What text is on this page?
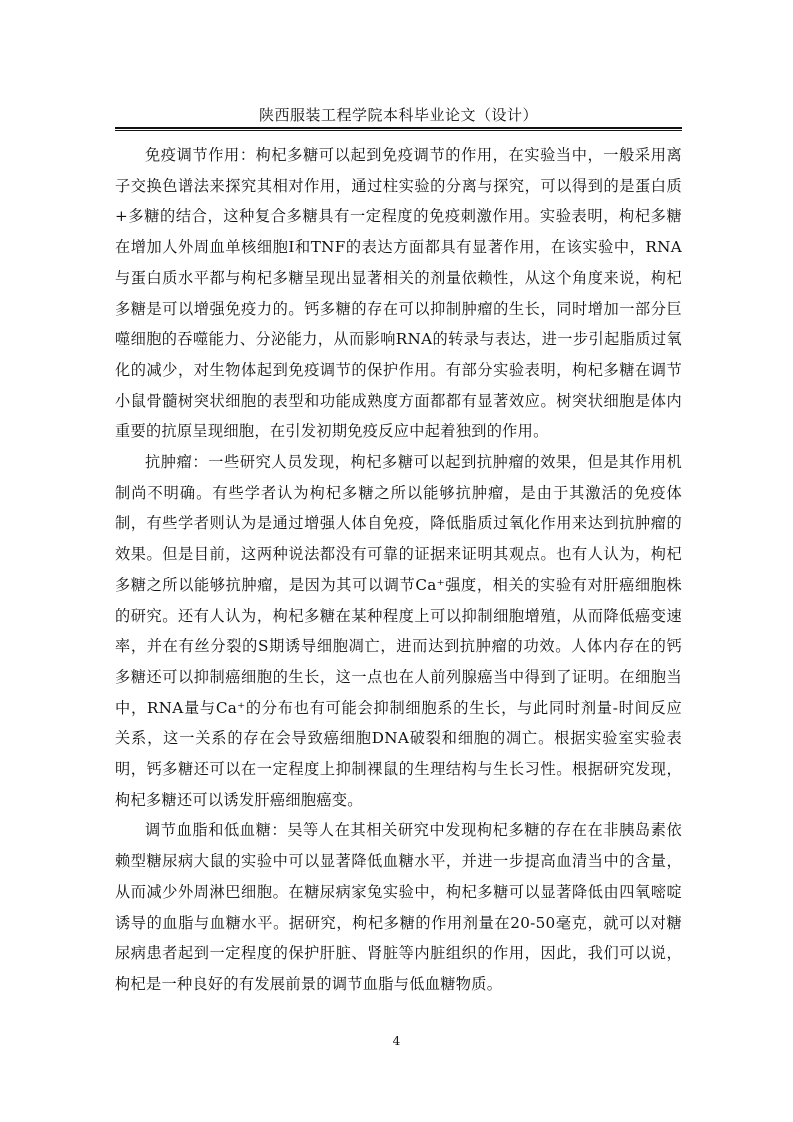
陕西服装工程学院本科毕业论文（设计）

免疫调节作用：枸杞多糖可以起到免疫调节的作用，在实验当中，一般采用离子交换色谱法来探究其相对作用，通过柱实验的分离与探究，可以得到的是蛋白质+多糖的结合，这种复合多糖具有一定程度的免疫刺激作用。实验表明，枸杞多糖在增加人外周血单核细胞Ⅰ和TNF的表达方面都具有显著作用，在该实验中，RNA与蛋白质水平都与枸杞多糖呈现出显著相关的剂量依赖性，从这个角度来说，枸杞多糖是可以增强免疫力的。钙多糖的存在可以抑制肿瘤的生长，同时增加一部分巨噬细胞的吞噬能力、分泌能力，从而影响RNA的转录与表达，进一步引起脂质过氧化的减少，对生物体起到免疫调节的保护作用。有部分实验表明，枸杞多糖在调节小鼠骨髓树突状细胞的表型和功能成熟度方面都都有显著效应。树突状细胞是体内重要的抗原呈现细胞，在引发初期免疫反应中起着独到的作用。

抗肿瘤：一些研究人员发现，枸杞多糖可以起到抗肿瘤的效果，但是其作用机制尚不明确。有些学者认为枸杞多糖之所以能够抗肿瘤，是由于其激活的免疫体制，有些学者则认为是通过增强人体自免疫，降低脂质过氧化作用来达到抗肿瘤的效果。但是目前，这两种说法都没有可靠的证据来证明其观点。也有人认为，枸杞多糖之所以能够抗肿瘤，是因为其可以调节Ca⁺强度，相关的实验有对肝癌细胞株的研究。还有人认为，枸杞多糖在某种程度上可以抑制细胞增殖，从而降低癌变速率，并在有丝分裂的S期诱导细胞凋亡，进而达到抗肿瘤的功效。人体内存在的钙多糖还可以抑制癌细胞的生长，这一点也在人前列腺癌当中得到了证明。在细胞当中，RNA量与Ca⁺的分布也有可能会抑制细胞系的生长，与此同时剂量-时间反应关系，这一关系的存在会导致癌细胞DNA破裂和细胞的凋亡。根据实验室实验表明，钙多糖还可以在一定程度上抑制裸鼠的生理结构与生长习性。根据研究发现，枸杞多糖还可以诱发肝癌细胞癌变。

调节血脂和低血糖：吴等人在其相关研究中发现枸杞多糖的存在在非胰岛素依赖型糖尿病大鼠的实验中可以显著降低血糖水平，并进一步提高血清当中的含量，从而减少外周淋巴细胞。在糖尿病家兔实验中，枸杞多糖可以显著降低由四氧嘧啶诱导的血脂与血糖水平。据研究，枸杞多糖的作用剂量在20-50毫克，就可以对糖尿病患者起到一定程度的保护肝脏、肾脏等内脏组织的作用，因此，我们可以说，枸杞是一种良好的有发展前景的调节血脂与低血糖物质。

4
